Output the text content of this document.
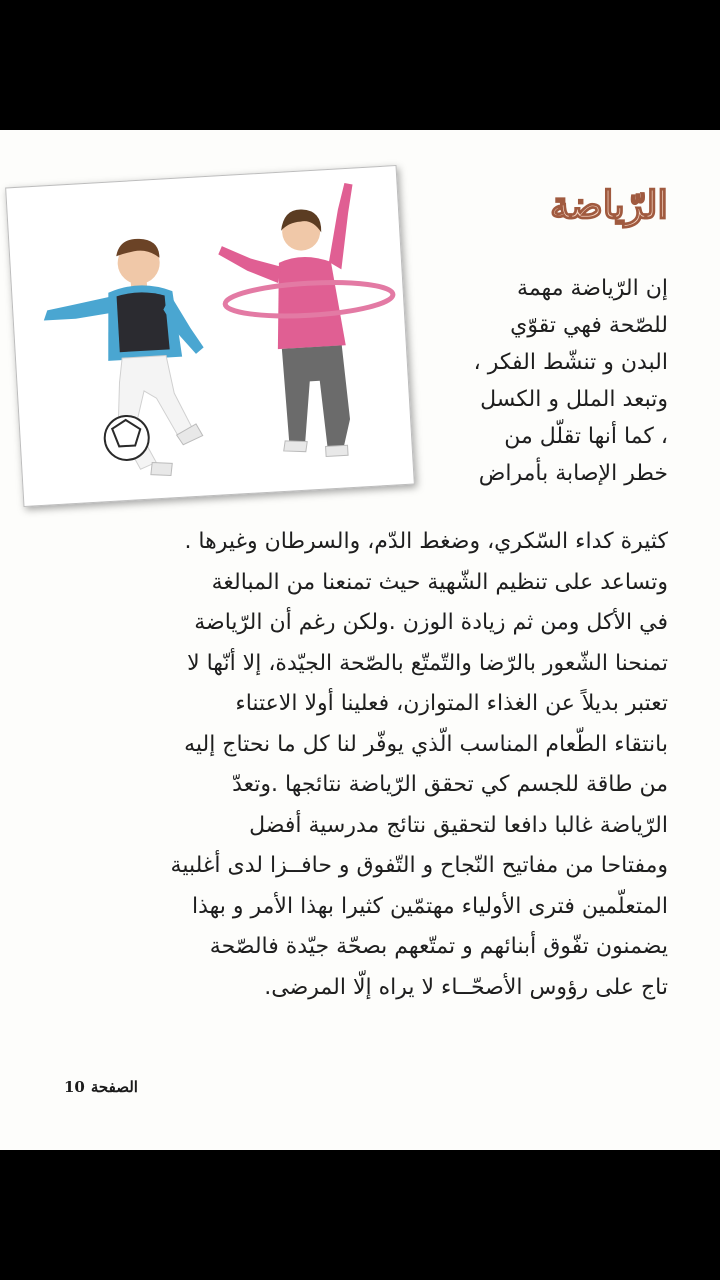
الرّياضة
إن الرّياضة مهمة
للصّحة فهي تقوّي
البدن و تنشّط الفكر ،
وتبعد الملل و الكسل
، كما أنها تقلّل من
خطر الإصابة بأمراض
كثيرة كداء السّكري، وضغط الدّم، والسرطان وغيرها .
وتساعد على تنظيم الشّهية حيث تمنعنا من المبالغة
في الأكل ومن ثم زيادة الوزن .ولكن رغم أن الرّياضة
تمنحنا الشّعور بالرّضا والتّمتّع بالصّحة الجيّدة، إلا أنّها لا
تعتبر بديلاً عن الغذاء المتوازن، فعلينا أولا الاعتناء
بانتقاء الطّعام المناسب الّذي يوفّر لنا كل ما نحتاج إليه
من طاقة للجسم كي تحقق الرّياضة نتائجها .وتعدّ
الرّياضة غالبا دافعا لتحقيق نتائج مدرسية أفضل
ومفتاحا من مفاتيح النّجاح و التّفوق و حافــزا لدى أغلبية
المتعلّمين فترى الأولياء مهتمّين كثيرا بهذا الأمر و بهذا
يضمنون تفّوق أبنائهم و تمتّعهم بصحّة جيّدة فالصّحة
تاج على رؤوس الأصحّــاء لا يراه إلّا المرضى.
الصفحة10
